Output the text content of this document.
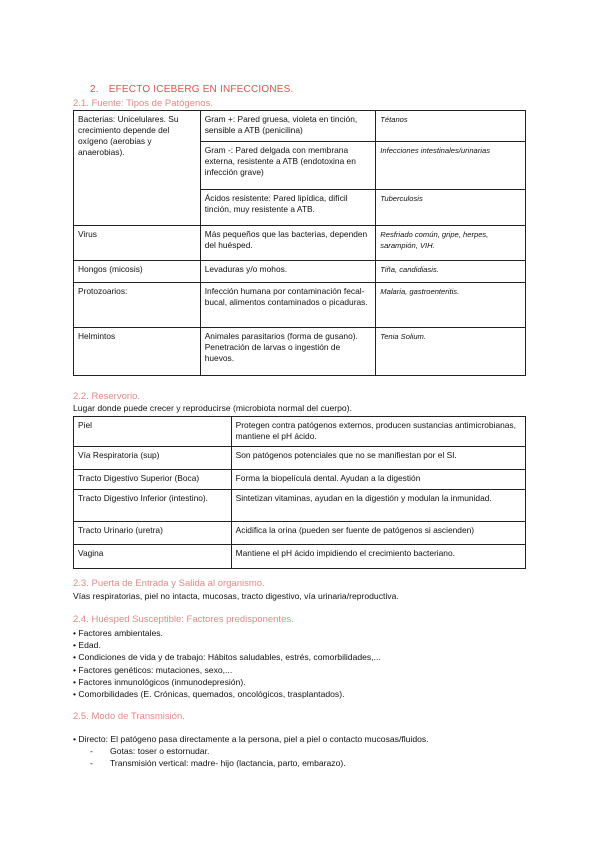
2. EFECTO ICEBERG EN INFECCIONES.
2.1. Fuente: Tipos de Patógenos.
Bacterias: Unicelulares. Su crecimiento depende del oxígeno (aerobias y anaerobias).	Gram +: Pared gruesa, violeta en tinción, sensible a ATB (penicilina)	Tétanos
	Gram -: Pared delgada con membrana externa, resistente a ATB (endotoxina en infección grave)	Infecciones intestinales/urinarias
	Ácidos resistente: Pared lipídica, difícil tinción, muy resistente a ATB.	Tuberculosis
Virus	Más pequeños que las bacterias, dependen del huésped.	Resfriado común, gripe, herpes, sarampión, VIH.
Hongos (micosis)	Levaduras y/o mohos.	Tiña, candidiasis.
Protozoarios:	Infección humana por contaminación fecal-bucal, alimentos contaminados o picaduras.	Malaria, gastroenteritis.
Helmintos	Animales parasitarios (forma de gusano). Penetración de larvas o ingestión de huevos.	Tenia Solium.
2.2. Reservorio.
Lugar donde puede crecer y reproducirse (microbiota normal del cuerpo).
Piel	Protegen contra patógenos externos, producen sustancias antimicrobianas, mantiene el pH ácido.
Vía Respiratoria (sup)	Son patógenos potenciales que no se manifiestan por el SI.
Tracto Digestivo Superior (Boca)	Forma la biopelícula dental. Ayudan a la digestión
Tracto Digestivo Inferior (intestino).	Sintetizan vitaminas, ayudan en la digestión y modulan la inmunidad.
Tracto Urinario (uretra)	Acidifica la orina (pueden ser fuente de patógenos si ascienden)
Vagina	Mantiene el pH ácido impidiendo el crecimiento bacteriano.
2.3. Puerta de Entrada y Salida al organismo.
Vías respiratorias, piel no intacta, mucosas, tracto digestivo, vía urinaria/reproductiva.
2.4. Huésped Susceptible: Factores predisponentes.
• Factores ambientales.
• Edad.
• Condiciones de vida y de trabajo: Hábitos saludables, estrés, comorbilidades,...
• Factores genéticos: mutaciones, sexo,...
• Factores inmunológicos (inmunodepresión).
• Comorbilidades (E. Crónicas, quemados, oncológicos, trasplantados).
2.5. Modo de Transmisión.
• Directo: El patógeno pasa directamente a la persona, piel a piel o contacto mucosas/fluidos.
- Gotas: toser o estornudar.
- Transmisión vertical: madre- hijo (lactancia, parto, embarazo).
